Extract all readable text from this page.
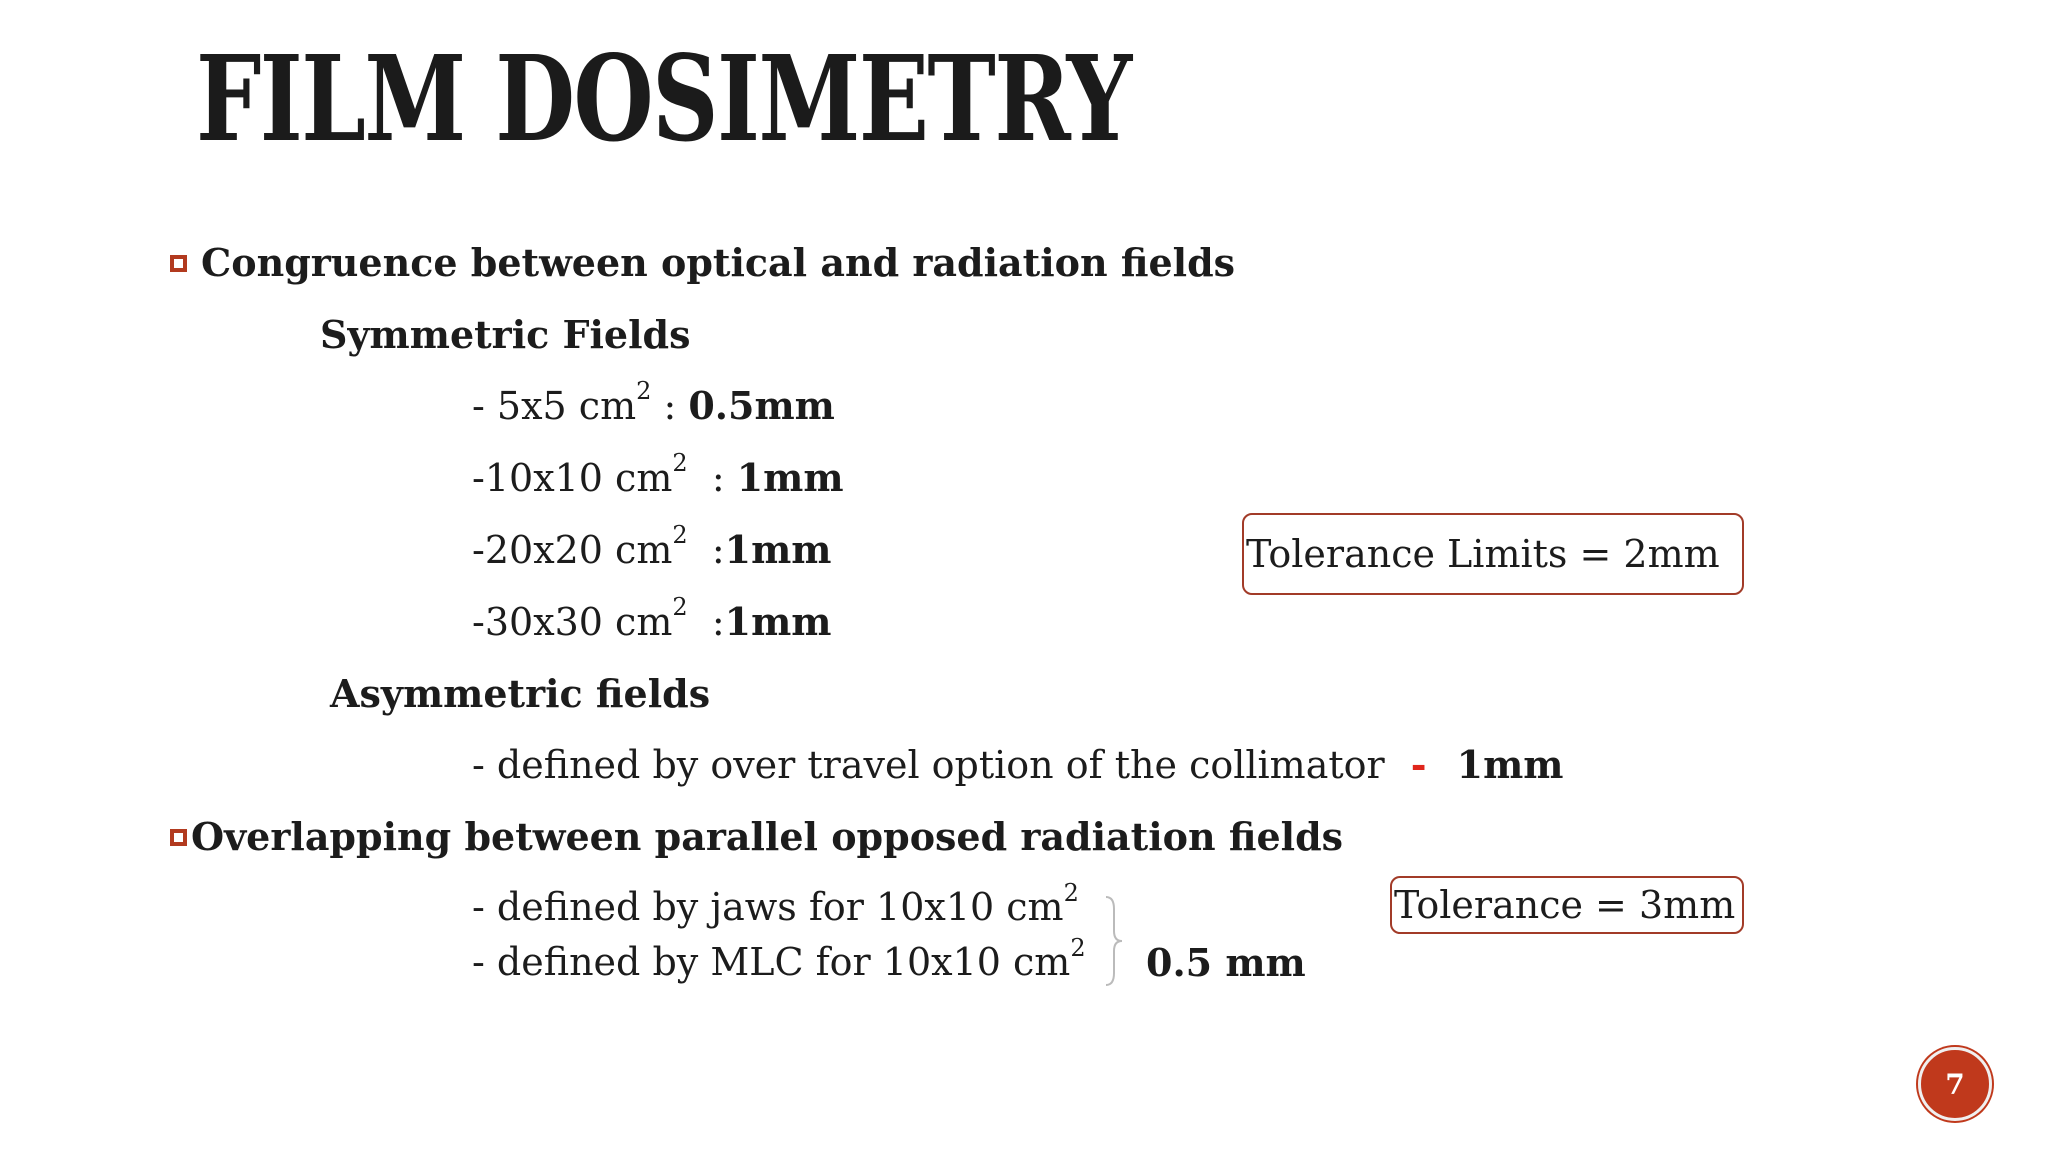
FILM DOSIMETRY
Congruence between optical and radiation fields
Symmetric Fields
- 5x5 $cm^2$ : 0.5mm
-10x10 $cm^2$  : 1mm
-20x20 $cm^2$  :1mm
-30x30 $cm^2$  :1mm
Tolerance Limits = 2mm
Asymmetric fields
- defined by over travel option of the collimator - 1mm
Overlapping between parallel opposed radiation fields
- defined by jaws for 10x10 $cm^2$
- defined by MLC for 10x10 $cm^2$ 0.5 mm
Tolerance = 3mm
7
